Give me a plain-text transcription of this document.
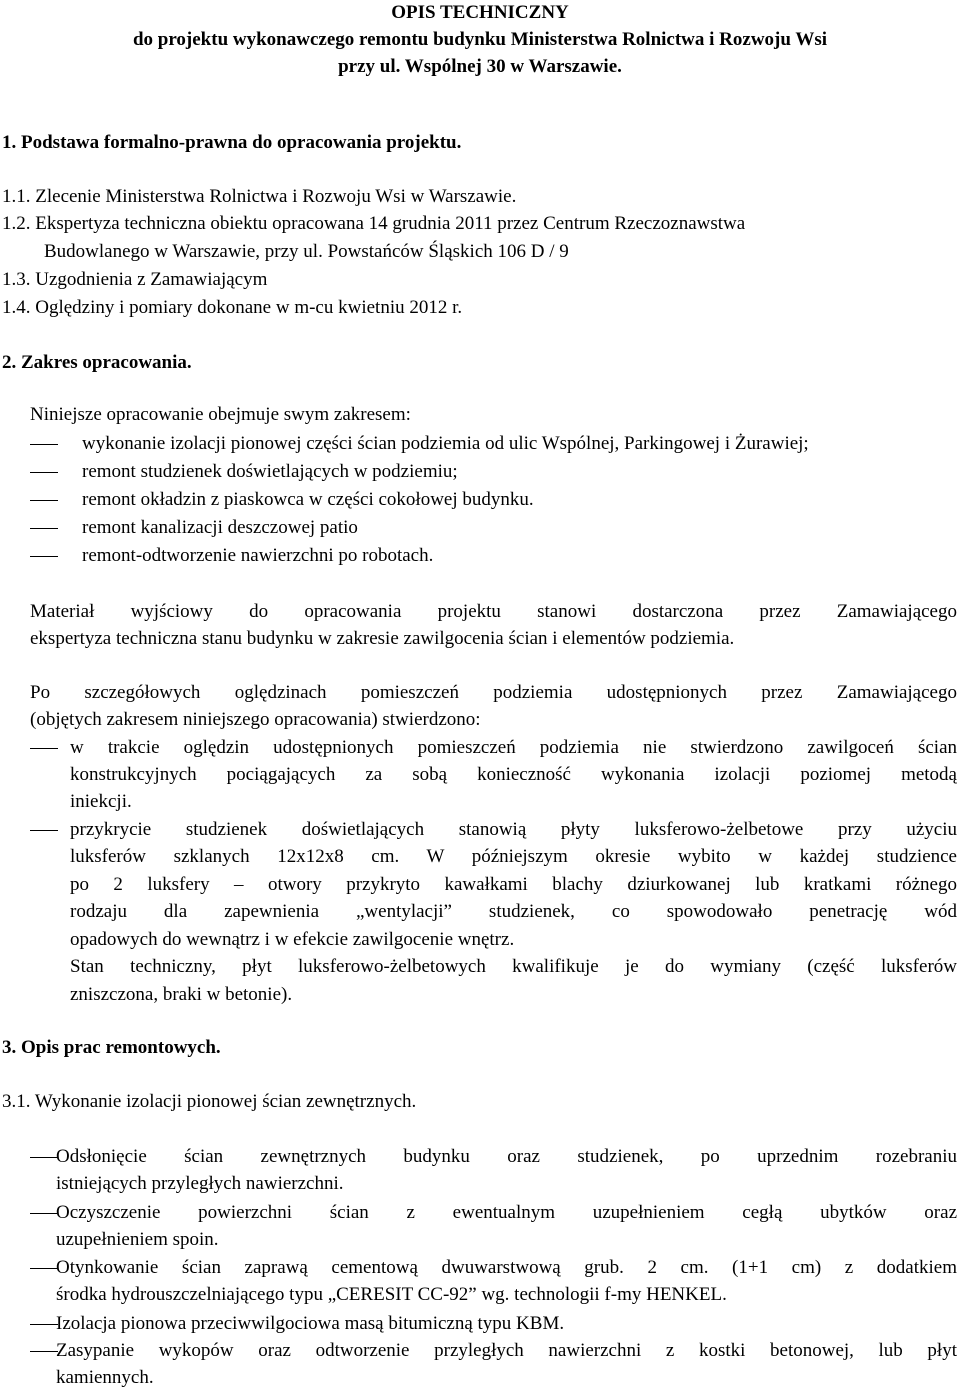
OPIS TECHNICZNY
do projektu wykonawczego remontu budynku Ministerstwa Rolnictwa i Rozwoju Wsi
przy ul. Wspólnej 30 w Warszawie.
1. Podstawa formalno-prawna do opracowania projektu.
1.1. Zlecenie Ministerstwa Rolnictwa i Rozwoju Wsi w Warszawie.
1.2. Ekspertyza techniczna obiektu opracowana 14 grudnia 2011 przez Centrum Rzeczoznawstwa
Budowlanego w Warszawie, przy ul. Powstańców Śląskich 106 D / 9
1.3. Uzgodnienia z Zamawiającym
1.4. Oględziny i pomiary dokonane w m-cu kwietniu 2012 r.
2. Zakres opracowania.
Niniejsze opracowanie obejmuje swym zakresem:
wykonanie izolacji pionowej części ścian podziemia od ulic Wspólnej, Parkingowej i Żurawiej;
remont studzienek doświetlających w podziemiu;
remont okładzin z piaskowca w części cokołowej budynku.
remont kanalizacji deszczowej patio
remont-odtworzenie nawierzchni po robotach.
Materiał wyjściowy do opracowania projektu stanowi dostarczona przez Zamawiającego
ekspertyza techniczna stanu budynku w zakresie zawilgocenia ścian i elementów podziemia.
Po szczegółowych oględzinach pomieszczeń podziemia udostępnionych przez Zamawiającego
(objętych zakresem niniejszego opracowania) stwierdzono:
w trakcie oględzin udostępnionych pomieszczeń podziemia nie stwierdzono zawilgoceń ścian
konstrukcyjnych pociągających za sobą konieczność wykonania izolacji poziomej metodą
iniekcji.
przykrycie studzienek doświetlających stanowią płyty luksferowo-żelbetowe przy użyciu
luksferów szklanych 12x12x8 cm. W późniejszym okresie wybito w każdej studzience
po 2 luksfery – otwory przykryto kawałkami blachy dziurkowanej lub kratkami różnego
rodzaju dla zapewnienia „wentylacji” studzienek, co spowodowało penetrację wód
opadowych do wewnątrz i w efekcie zawilgocenie wnętrz.
Stan techniczny, płyt luksferowo-żelbetowych kwalifikuje je do wymiany (część luksferów
zniszczona, braki w betonie).
3. Opis prac remontowych.
3.1. Wykonanie izolacji pionowej ścian zewnętrznych.
Odsłonięcie ścian zewnętrznych budynku oraz studzienek, po uprzednim rozebraniu
istniejących przyległych nawierzchni.
Oczyszczenie powierzchni ścian z ewentualnym uzupełnieniem cegłą ubytków oraz
uzupełnieniem spoin.
Otynkowanie ścian zaprawą cementową dwuwarstwową grub. 2 cm. (1+1 cm) z dodatkiem
środka hydrouszczelniającego typu „CERESIT CC-92” wg. technologii f-my HENKEL.
Izolacja pionowa przeciwwilgociowa masą bitumiczną typu KBM.
Zasypanie wykopów oraz odtworzenie przyległych nawierzchni z kostki betonowej, lub płyt
kamiennych.
